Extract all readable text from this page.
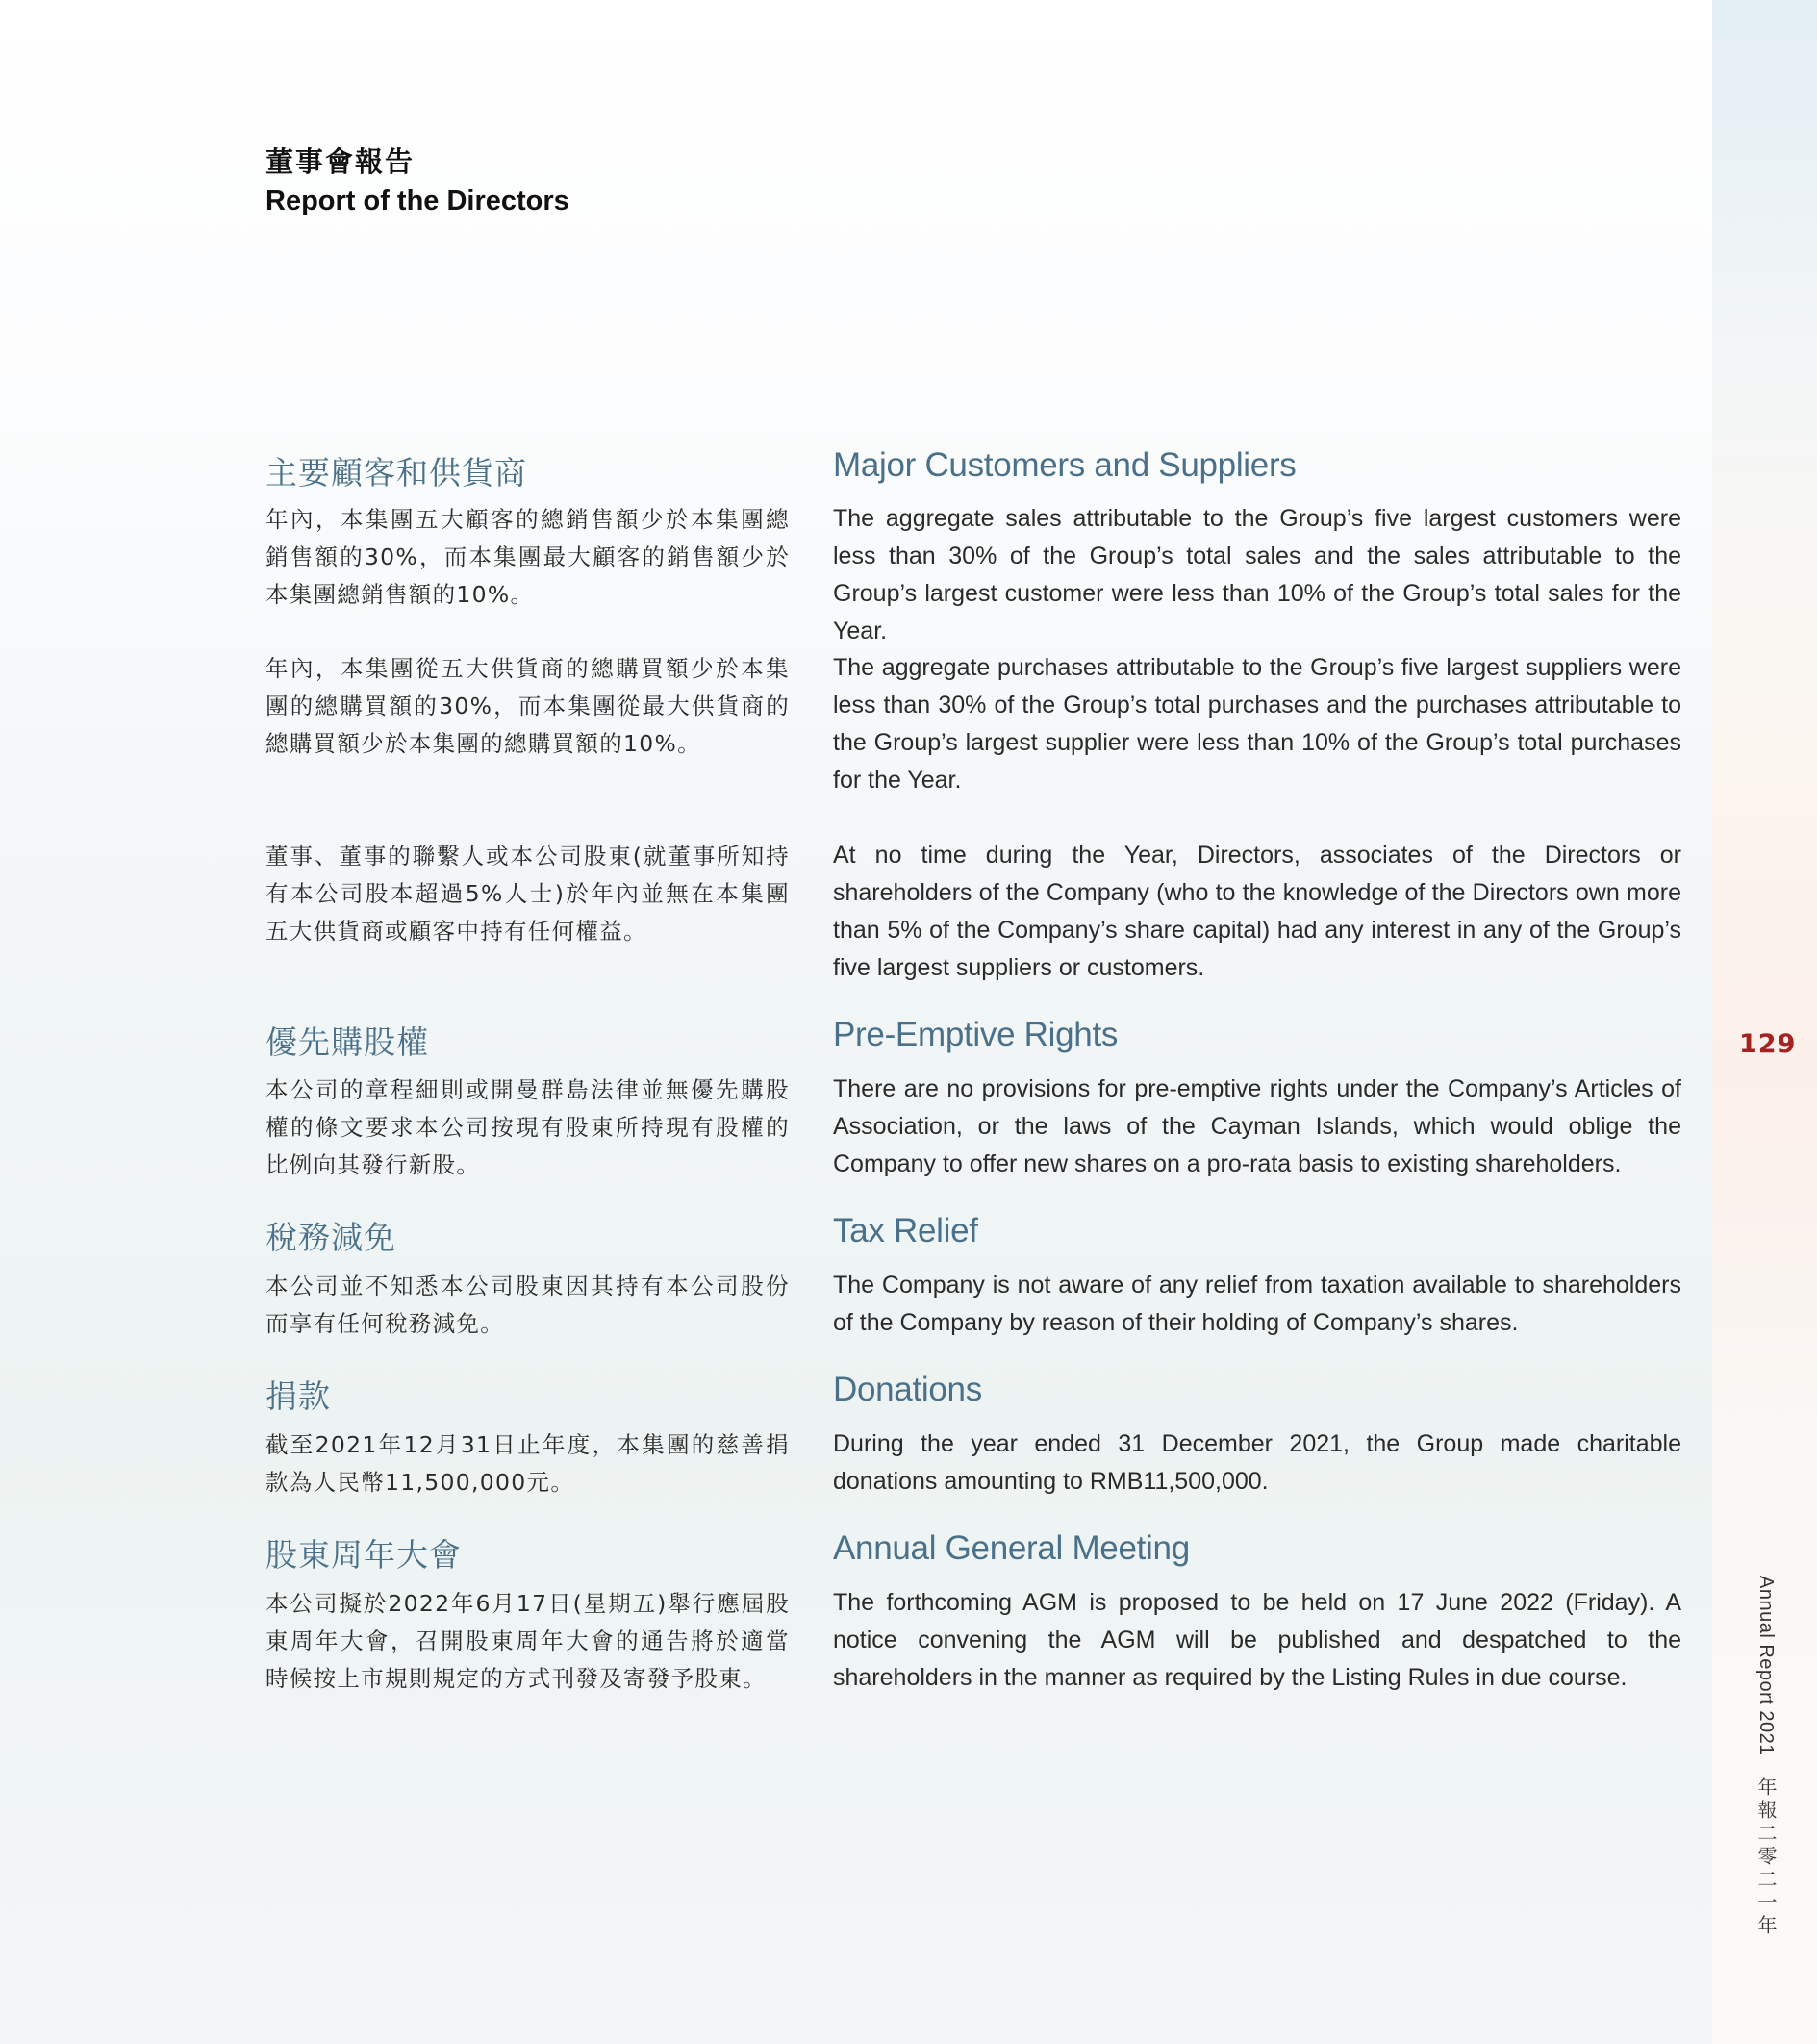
董事會報告
Report of the Directors
主要顧客和供貨商	Major Customers and Suppliers

年內，本集團五大顧客的總銷售額少於本集團總銷售額的30%，而本集團最大顧客的銷售額少於本集團總銷售額的10%。

The aggregate sales attributable to the Group’s five largest customers were less than 30% of the Group’s total sales and the sales attributable to the Group’s largest customer were less than 10% of the Group’s total sales for the Year.

年內，本集團從五大供貨商的總購買額少於本集團的總購買額的30%，而本集團從最大供貨商的總購買額少於本集團的總購買額的10%。

The aggregate purchases attributable to the Group’s five largest suppliers were less than 30% of the Group’s total purchases and the purchases attributable to the Group’s largest supplier were less than 10% of the Group’s total purchases for the Year.

董事、董事的聯繫人或本公司股東(就董事所知持有本公司股本超過5%人士)於年內並無在本集團五大供貨商或顧客中持有任何權益。

At no time during the Year, Directors, associates of the Directors or shareholders of the Company (who to the knowledge of the Directors own more than 5% of the Company’s share capital) had any interest in any of the Group’s five largest suppliers or customers.

優先購股權	Pre-Emptive Rights

本公司的章程細則或開曼群島法律並無優先購股權的條文要求本公司按現有股東所持現有股權的比例向其發行新股。

There are no provisions for pre-emptive rights under the Company’s Articles of Association, or the laws of the Cayman Islands, which would oblige the Company to offer new shares on a pro-rata basis to existing shareholders.

稅務減免	Tax Relief

本公司並不知悉本公司股東因其持有本公司股份而享有任何稅務減免。

The Company is not aware of any relief from taxation available to shareholders of the Company by reason of their holding of Company’s shares.

捐款	Donations

截至2021年12月31日止年度，本集團的慈善捐款為人民幣11,500,000元。

During the year ended 31 December 2021, the Group made charitable donations amounting to RMB11,500,000.

股東周年大會	Annual General Meeting

本公司擬於2022年6月17日(星期五)舉行應屆股東周年大會，召開股東周年大會的通告將於適當時候按上市規則規定的方式刊發及寄發予股東。

The forthcoming AGM is proposed to be held on 17 June 2022 (Friday). A notice convening the AGM will be published and despatched to the shareholders in the manner as required by the Listing Rules in due course.

129
Annual Report 2021年報二零二一年
